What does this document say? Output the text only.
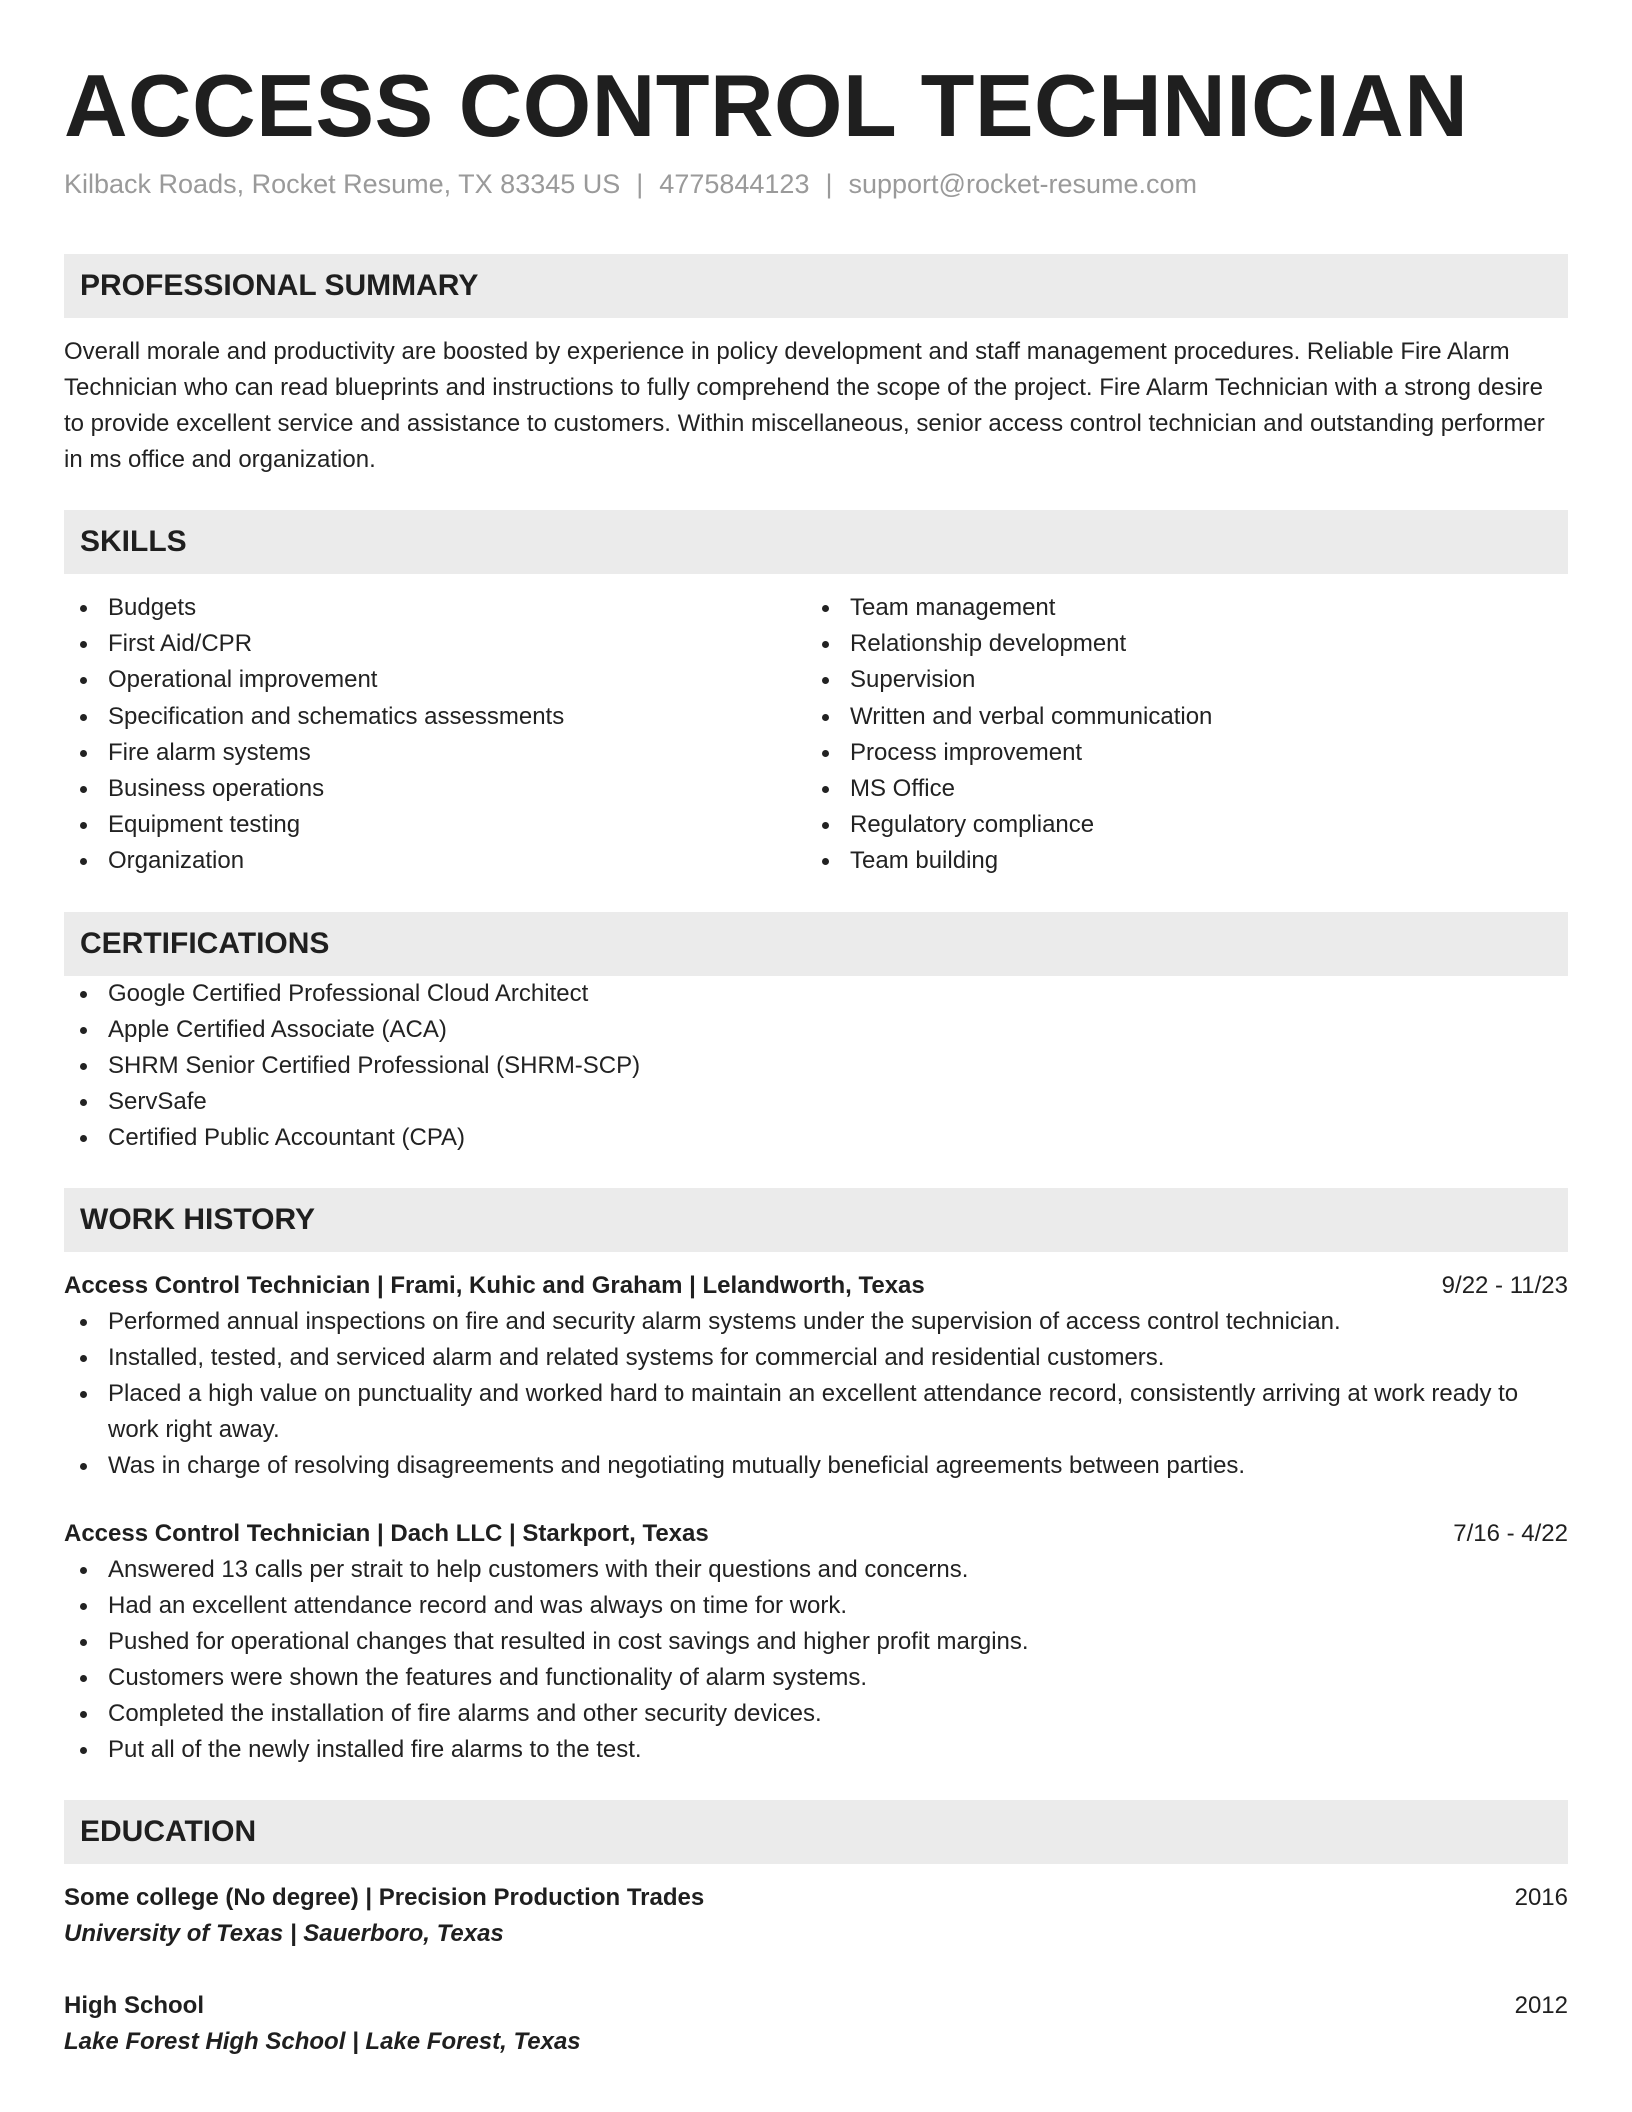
ACCESS CONTROL TECHNICIAN
Kilback Roads, Rocket Resume, TX 83345 US | 4775844123 | support@rocket-resume.com
PROFESSIONAL SUMMARY

Overall morale and productivity are boosted by experience in policy development and staff management procedures. Reliable Fire Alarm Technician who can read blueprints and instructions to fully comprehend the scope of the project. Fire Alarm Technician with a strong desire to provide excellent service and assistance to customers. Within miscellaneous, senior access control technician and outstanding performer in ms office and organization.

SKILLS
Budgets
First Aid/CPR
Operational improvement
Specification and schematics assessments
Fire alarm systems
Business operations
Equipment testing
Organization
Team management
Relationship development
Supervision
Written and verbal communication
Process improvement
MS Office
Regulatory compliance
Team building
CERTIFICATIONS
Google Certified Professional Cloud Architect
Apple Certified Associate (ACA)
SHRM Senior Certified Professional (SHRM-SCP)
ServSafe
Certified Public Accountant (CPA)
WORK HISTORY
Access Control Technician | Frami, Kuhic and Graham | Lelandworth, Texas	9/22 - 11/23
Performed annual inspections on fire and security alarm systems under the supervision of access control technician.
Installed, tested, and serviced alarm and related systems for commercial and residential customers.
Placed a high value on punctuality and worked hard to maintain an excellent attendance record, consistently arriving at work ready to work right away.
Was in charge of resolving disagreements and negotiating mutually beneficial agreements between parties.
Access Control Technician | Dach LLC | Starkport, Texas	7/16 - 4/22
Answered 13 calls per strait to help customers with their questions and concerns.
Had an excellent attendance record and was always on time for work.
Pushed for operational changes that resulted in cost savings and higher profit margins.
Customers were shown the features and functionality of alarm systems.
Completed the installation of fire alarms and other security devices.
Put all of the newly installed fire alarms to the test.
EDUCATION
Some college (No degree) | Precision Production Trades	2016
University of Texas | Sauerboro, Texas
High School	2012
Lake Forest High School | Lake Forest, Texas
